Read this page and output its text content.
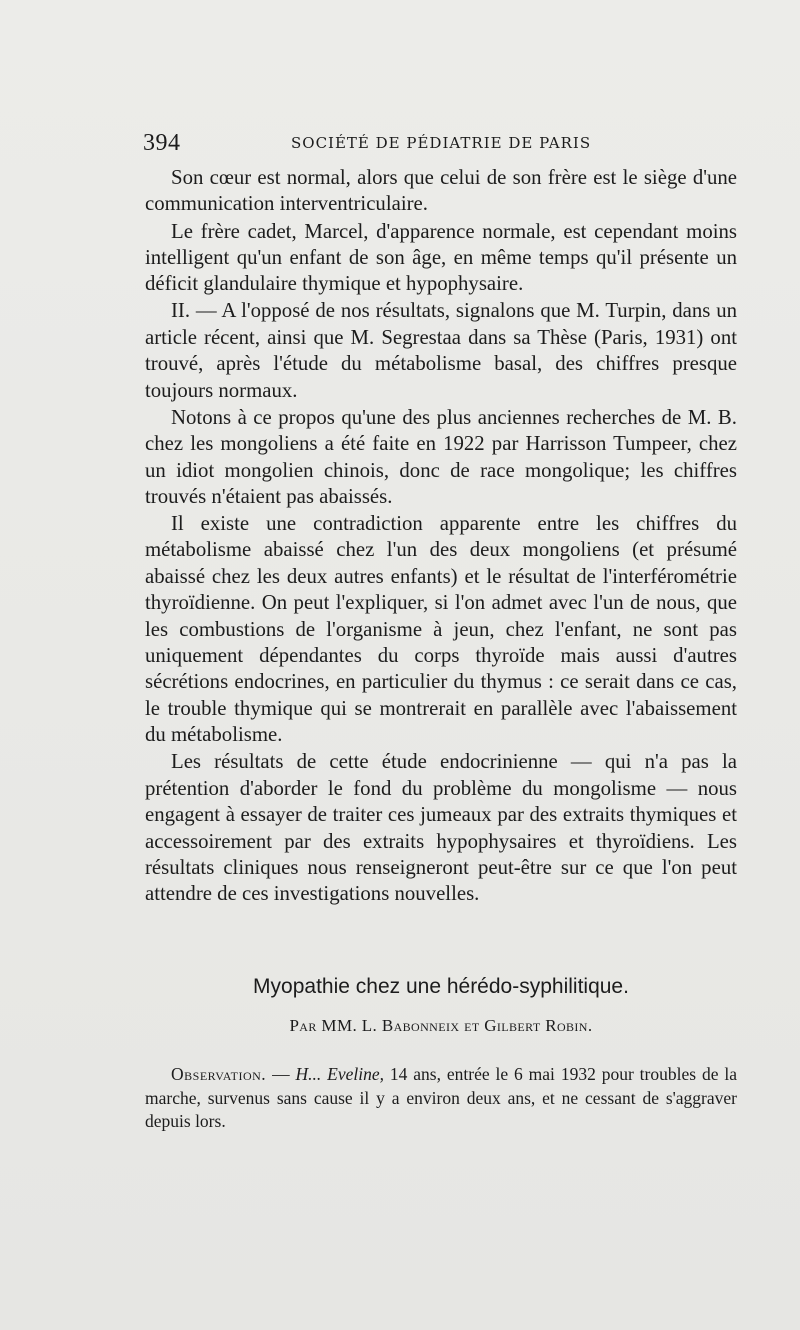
394	SOCIÉTÉ DE PÉDIATRIE DE PARIS

Son cœur est normal, alors que celui de son frère est le siège d'une communication interventriculaire.

Le frère cadet, Marcel, d'apparence normale, est cependant moins intelligent qu'un enfant de son âge, en même temps qu'il présente un déficit glandulaire thymique et hypophysaire.

II. — A l'opposé de nos résultats, signalons que M. Turpin, dans un article récent, ainsi que M. Segrestaa dans sa Thèse (Paris, 1931) ont trouvé, après l'étude du métabolisme basal, des chiffres presque toujours normaux.

Notons à ce propos qu'une des plus anciennes recherches de M. B. chez les mongoliens a été faite en 1922 par Harrisson Tumpeer, chez un idiot mongolien chinois, donc de race mongolique; les chiffres trouvés n'étaient pas abaissés.

Il existe une contradiction apparente entre les chiffres du métabolisme abaissé chez l'un des deux mongoliens (et présumé abaissé chez les deux autres enfants) et le résultat de l'interférométrie thyroïdienne. On peut l'expliquer, si l'on admet avec l'un de nous, que les combustions de l'organisme à jeun, chez l'enfant, ne sont pas uniquement dépendantes du corps thyroïde mais aussi d'autres sécrétions endocrines, en particulier du thymus : ce serait dans ce cas, le trouble thymique qui se montrerait en parallèle avec l'abaissement du métabolisme.

Les résultats de cette étude endocrinienne — qui n'a pas la prétention d'aborder le fond du problème du mongolisme — nous engagent à essayer de traiter ces jumeaux par des extraits thymiques et accessoirement par des extraits hypophysaires et thyroïdiens. Les résultats cliniques nous renseigneront peut-être sur ce que l'on peut attendre de ces investigations nouvelles.

Myopathie chez une hérédo-syphilitique.
Par MM. L. Babonneix et Gilbert Robin.

Observation. — H... Eveline, 14 ans, entrée le 6 mai 1932 pour troubles de la marche, survenus sans cause il y a environ deux ans, et ne cessant de s'aggraver depuis lors.
